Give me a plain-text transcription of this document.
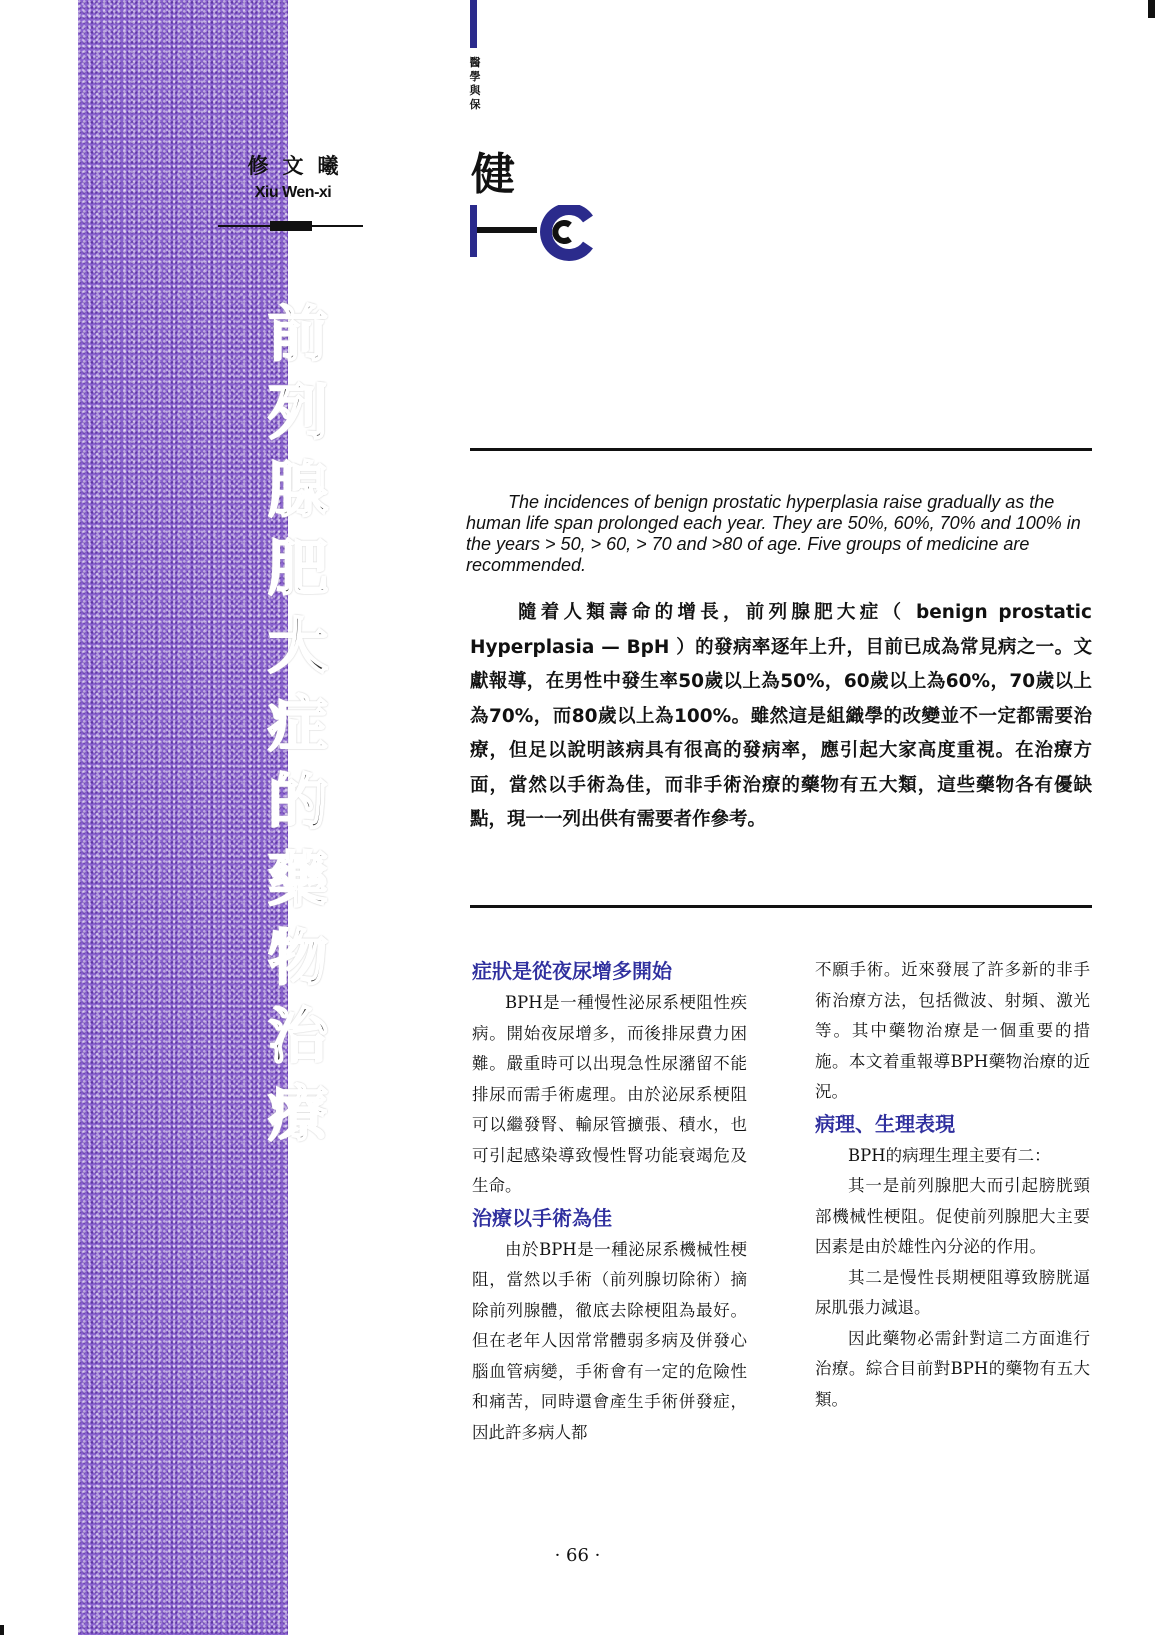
修文曦
Xiu Wen-xi
前
列
腺
肥
大
症
的
藥
物
治
療
醫學與保
健
The incidences of benign prostatic hyperplasia raise gradually as the human life span prolonged each year. They are 50%, 60%, 70% and 100% in the years > 50, > 60, > 70 and >80 of age. Five groups of medicine are recommended.
隨着人類壽命的增長，前列腺肥大症（ benign prostatic Hyperplasia — BpH ）的發病率逐年上升，目前已成為常見病之一。文獻報導，在男性中發生率50歲以上為50%，60歲以上為60%，70歲以上為70%，而80歲以上為100%。雖然這是組織學的改變並不一定都需要治療，但足以說明該病具有很高的發病率，應引起大家高度重視。在治療方面，當然以手術為佳，而非手術治療的藥物有五大類，這些藥物各有優缺點，現一一列出供有需要者作參考。

症狀是從夜尿增多開始

BPH是一種慢性泌尿系梗阻性疾病。開始夜尿增多，而後排尿費力困難。嚴重時可以出現急性尿瀦留不能排尿而需手術處理。由於泌尿系梗阻可以繼發腎、輸尿管擴張、積水，也可引起感染導致慢性腎功能衰竭危及生命。

治療以手術為佳

由於BPH是一種泌尿系機械性梗阻，當然以手術（前列腺切除術）摘除前列腺體，徹底去除梗阻為最好。但在老年人因常常體弱多病及併發心腦血管病變，手術會有一定的危險性和痛苦，同時還會產生手術併發症，因此許多病人都

不願手術。近來發展了許多新的非手術治療方法，包括微波、射頻、激光等。其中藥物治療是一個重要的措施。本文着重報導BPH藥物治療的近況。

病理、生理表現

BPH的病理生理主要有二：

其一是前列腺肥大而引起膀胱頸部機械性梗阻。促使前列腺肥大主要因素是由於雄性內分泌的作用。

其二是慢性長期梗阻導致膀胱逼尿肌張力減退。

因此藥物必需針對這二方面進行治療。綜合目前對BPH的藥物有五大類。

· 66 ·
